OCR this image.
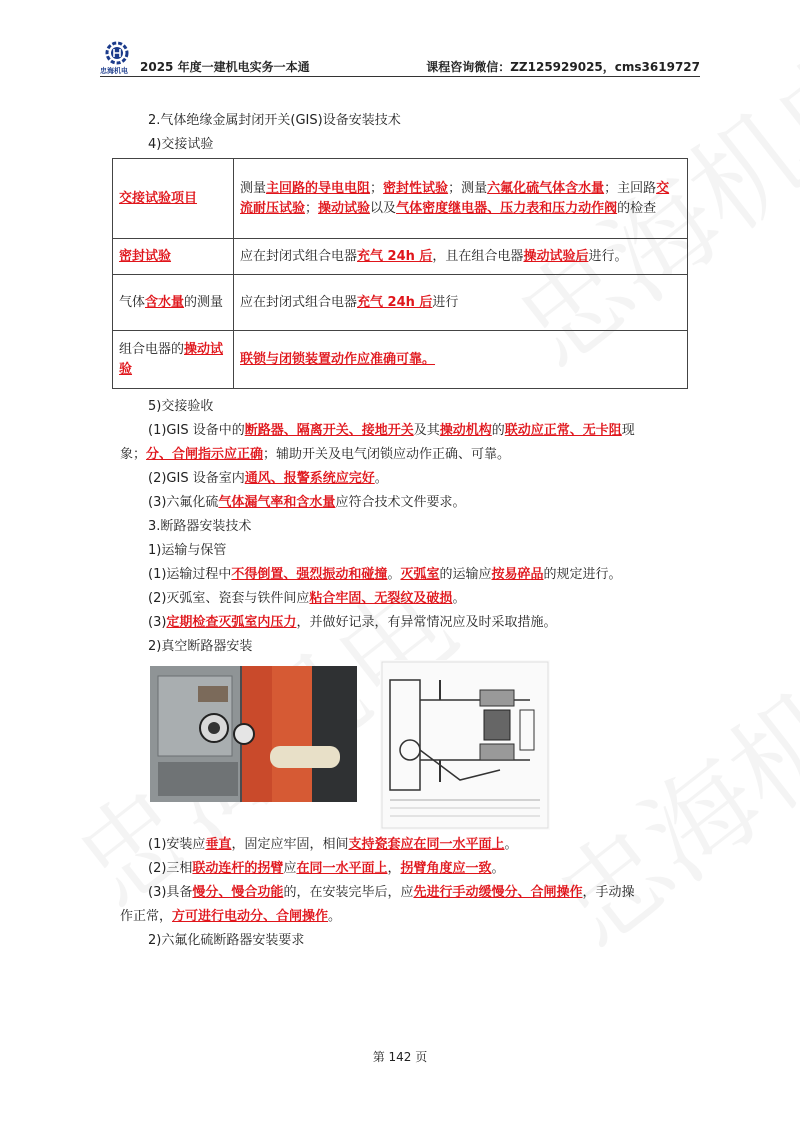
忠海机电 2025 年度一建机电实务一本通	课程咨询微信：ZZ125929025，cms3619727
2.气体绝缘金属封闭开关(GIS)设备安装技术
4)交接试验
交接试验项目	测量主回路的导电电阻；密封性试验；测量六氟化硫气体含水量；主回路交流耐压试验；操动试验以及气体密度继电器、压力表和压力动作阀的检查
密封试验	应在封闭式组合电器充气 24h 后，且在组合电器操动试验后进行。
气体含水量的测量	应在封闭式组合电器充气 24h 后进行
组合电器的操动试验	联锁与闭锁装置动作应准确可靠。
5)交接验收
(1)GIS 设备中的断路器、隔离开关、接地开关及其操动机构的联动应正常、无卡阻现
象；分、合闸指示应正确；辅助开关及电气闭锁应动作正确、可靠。
(2)GIS 设备室内通风、报警系统应完好。
(3)六氟化硫气体漏气率和含水量应符合技术文件要求。
3.断路器安装技术
1)运输与保管
(1)运输过程中不得倒置、强烈振动和碰撞。灭弧室的运输应按易碎品的规定进行。
(2)灭弧室、瓷套与铁件间应粘合牢固、无裂纹及破损。
(3)定期检查灭弧室内压力，并做好记录，有异常情况应及时采取措施。
2)真空断路器安装
(1)安装应垂直，固定应牢固，相间支持瓷套应在同一水平面上。
(2)三相联动连杆的拐臂应在同一水平面上，拐臂角度应一致。
(3)具备慢分、慢合功能的，在安装完毕后，应先进行手动缓慢分、合闸操作，手动操
作正常，方可进行电动分、合闸操作。
2)六氟化硫断路器安装要求
第 142 页
